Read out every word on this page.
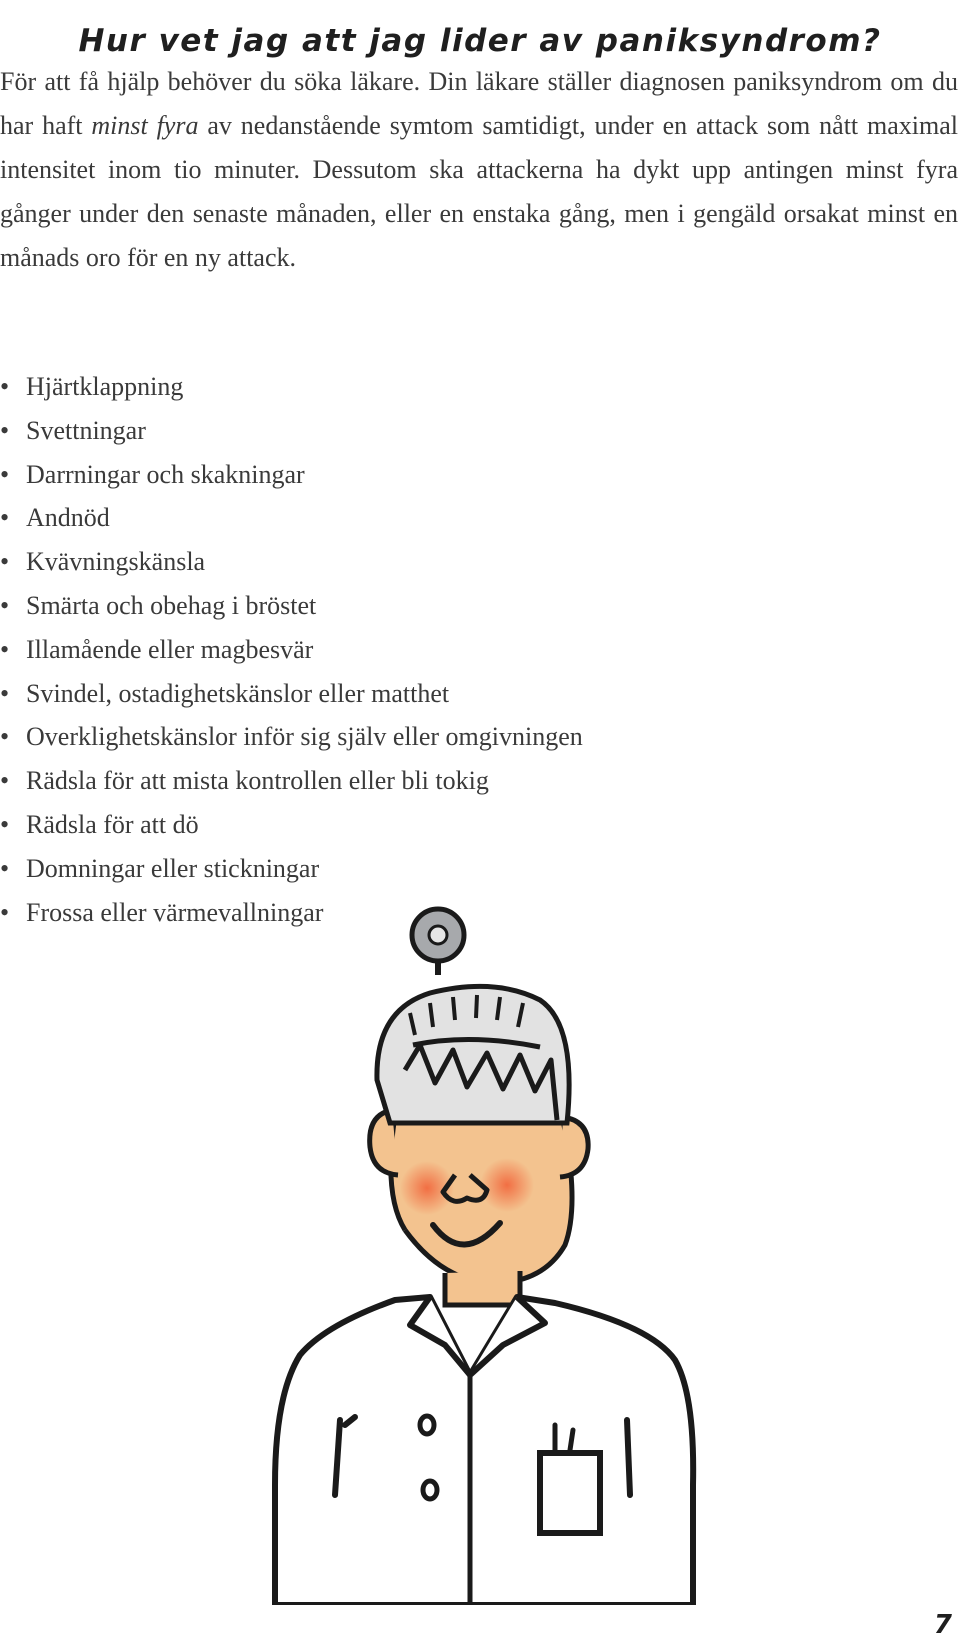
Hur vet jag att jag lider av paniksyndrom?

För att få hjälp behöver du söka läkare. Din läkare ställer diagnosen paniksyndrom om du har haft minst fyra av nedanstående symtom samtidigt, under en attack som nått maximal intensitet inom tio minuter. Dessutom ska attackerna ha dykt upp antingen minst fyra gånger under den senaste månaden, eller en enstaka gång, men i gengäld orsakat minst en månads oro för en ny attack.

• Hjärtklappning
• Svettningar
• Darrningar och skakningar
• Andnöd
• Kvävningskänsla
• Smärta och obehag i bröstet
• Illamående eller magbesvär
• Svindel, ostadighetskänslor eller matthet
• Overklighetskänslor inför sig själv eller omgivningen
• Rädsla för att mista kontrollen eller bli tokig
• Rädsla för att dö
• Domningar eller stickningar
• Frossa eller värmevallningar
7
